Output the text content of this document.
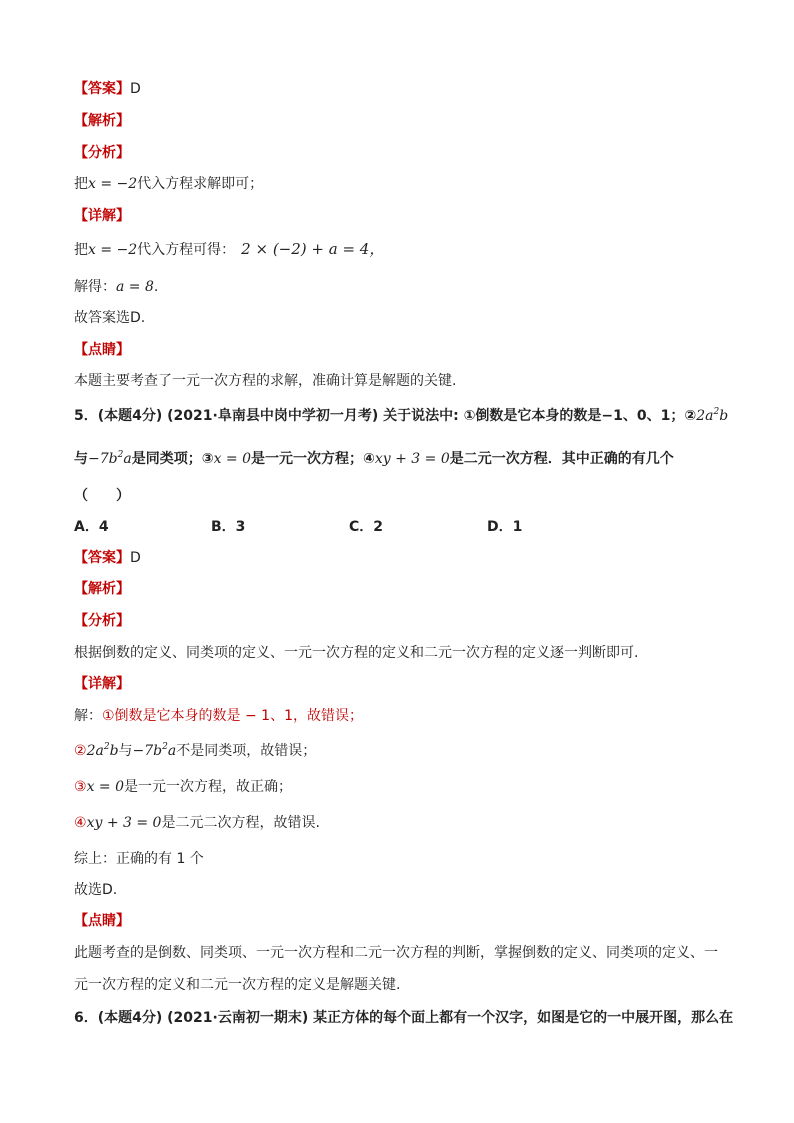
【答案】D
【解析】
【分析】
把x = −2代入方程求解即可；
【详解】
把x = −2代入方程可得： 2 × (−2) + a = 4，
解得：a = 8.
故答案选D.
【点睛】
本题主要考查了一元一次方程的求解，准确计算是解题的关键.
5．(本题4分) (2021·阜南县中岗中学初一月考) 关于说法中: ①倒数是它本身的数是−1、0、1；$②2a^2b$
与$-7b^2a$是同类项；③x = 0是一元一次方程；④xy + 3 = 0是二元一次方程．其中正确的有几个
（　　）
A．4	B．3	C．2	D．1
【答案】D
【解析】
【分析】
根据倒数的定义、同类项的定义、一元一次方程的定义和二元一次方程的定义逐一判断即可.
【详解】
解：①倒数是它本身的数是 − 1、1，故错误；
$②2a^2b$与$-7b^2a$不是同类项，故错误；
③x = 0是一元一次方程，故正确；
④xy + 3 = 0是二元二次方程，故错误.
综上：正确的有 1 个
故选D.
【点睛】
此题考查的是倒数、同类项、一元一次方程和二元一次方程的判断，掌握倒数的定义、同类项的定义、一
元一次方程的定义和二元一次方程的定义是解题关键.
6．(本题4分) (2021·云南初一期末) 某正方体的每个面上都有一个汉字，如图是它的一中展开图，那么在
